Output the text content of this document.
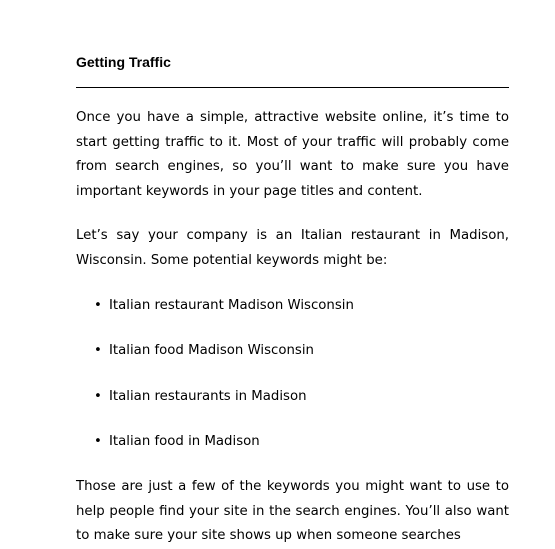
Getting Traffic

Once you have a simple, attractive website online, it’s time to start getting traffic to it. Most of your traffic will probably come from search engines, so you’ll want to make sure you have important keywords in your page titles and content.

Let’s say your company is an Italian restaurant in Madison, Wisconsin. Some potential keywords might be:

• Italian restaurant Madison Wisconsin
• Italian food Madison Wisconsin
• Italian restaurants in Madison
• Italian food in Madison

Those are just a few of the keywords you might want to use to help people find your site in the search engines. You’ll also want to make sure your site shows up when someone searches
